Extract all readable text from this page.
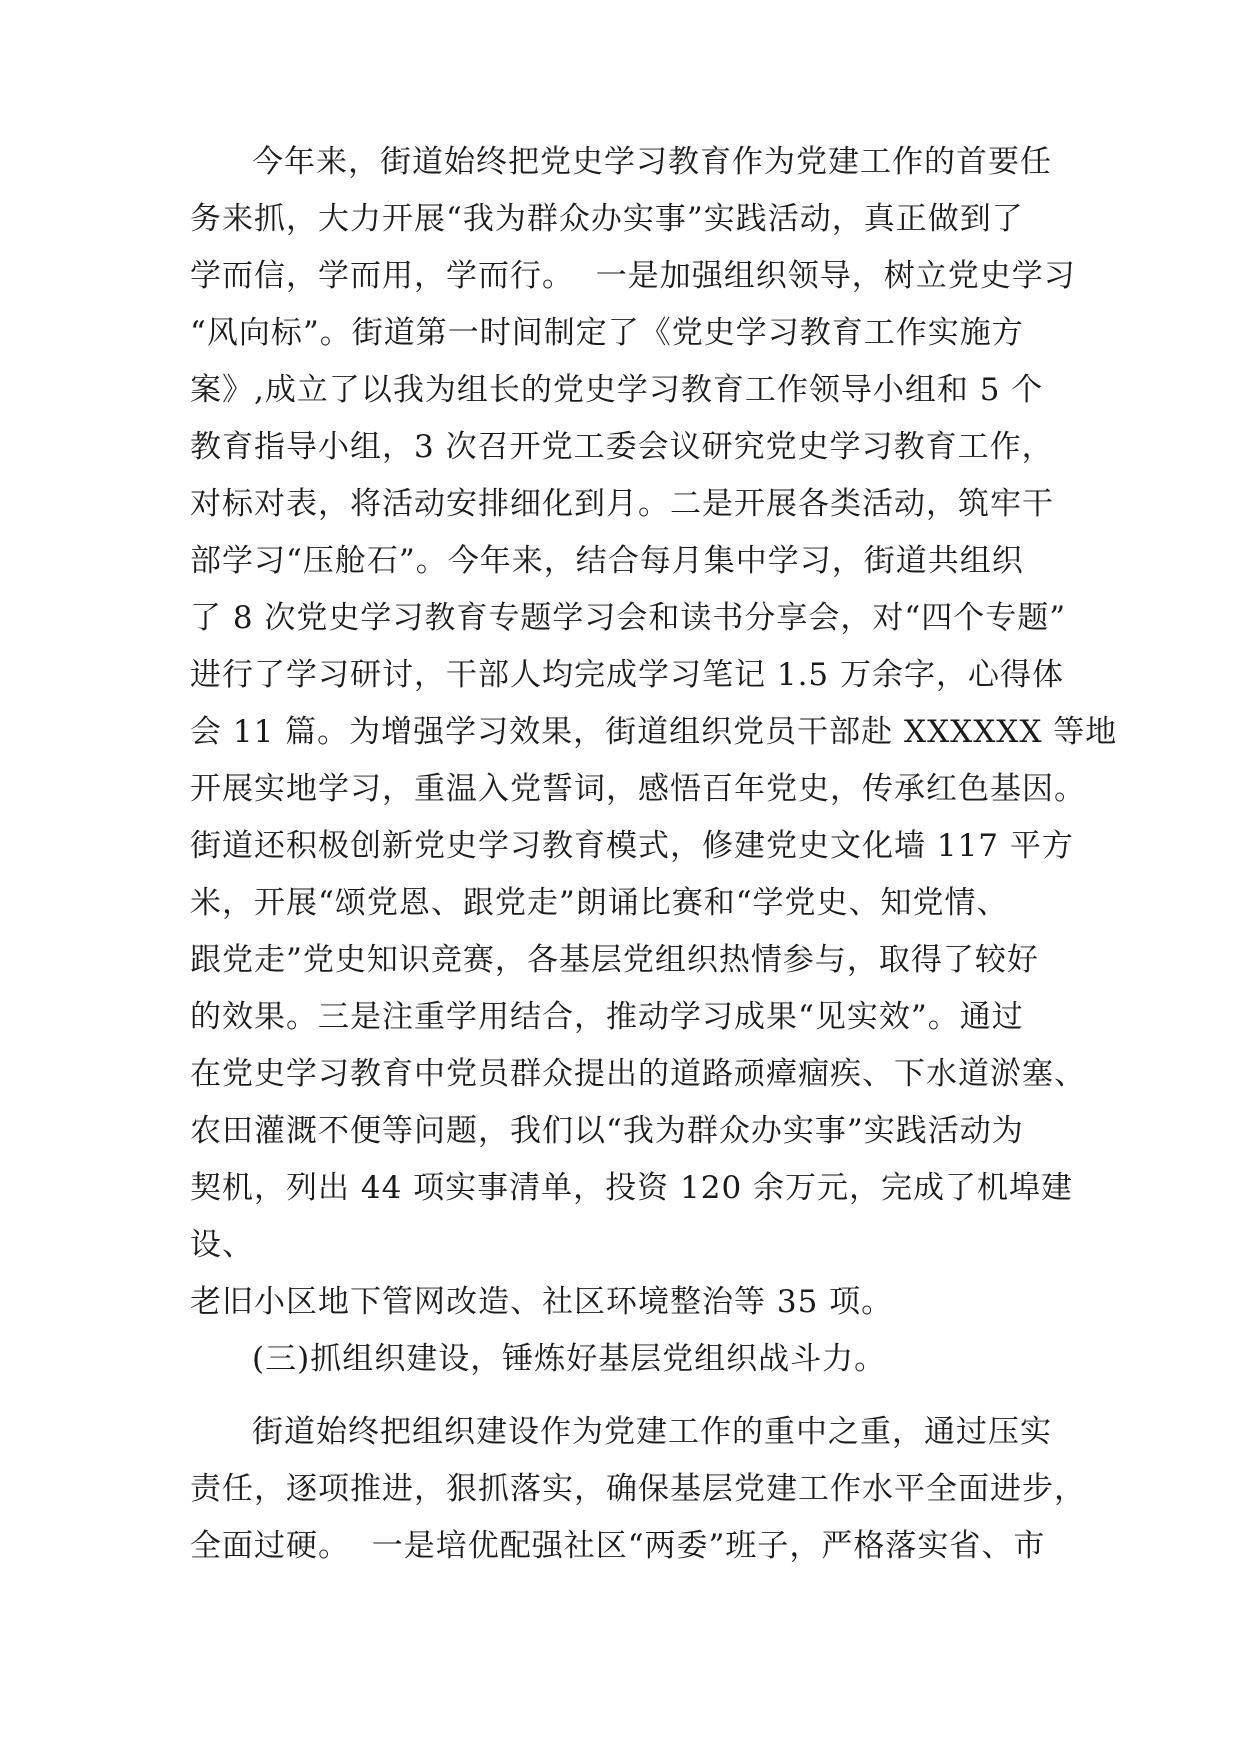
今年来，街道始终把党史学习教育作为党建工作的首要任
务来抓，大力开展“我为群众办实事”实践活动，真正做到了
学而信，学而用，学而行。  一是加强组织领导，树立党史学习
“风向标”。街道第一时间制定了《党史学习教育工作实施方
案》,成立了以我为组长的党史学习教育工作领导小组和 5 个
教育指导小组，3 次召开党工委会议研究党史学习教育工作，
对标对表，将活动安排细化到月。二是开展各类活动，筑牢干
部学习“压舱石”。今年来，结合每月集中学习，街道共组织
了 8 次党史学习教育专题学习会和读书分享会，对“四个专题”
进行了学习研讨，干部人均完成学习笔记 1.5 万余字，心得体
会 11 篇。为增强学习效果，街道组织党员干部赴 XXXXXX 等地
开展实地学习，重温入党誓词，感悟百年党史，传承红色基因。
街道还积极创新党史学习教育模式，修建党史文化墙 117 平方
米，开展“颂党恩、跟党走”朗诵比赛和“学党史、知党情、
跟党走”党史知识竞赛，各基层党组织热情参与，取得了较好
的效果。三是注重学用结合，推动学习成果“见实效”。通过
在党史学习教育中党员群众提出的道路顽瘴痼疾、下水道淤塞、
农田灌溉不便等问题，我们以“我为群众办实事”实践活动为
契机，列出 44 项实事清单，投资 120 余万元，完成了机埠建
设、
老旧小区地下管网改造、社区环境整治等 35 项。
(三)抓组织建设，锤炼好基层党组织战斗力。
街道始终把组织建设作为党建工作的重中之重，通过压实
责任，逐项推进，狠抓落实，确保基层党建工作水平全面进步，
全面过硬。  一是培优配强社区“两委”班子，严格落实省、市
